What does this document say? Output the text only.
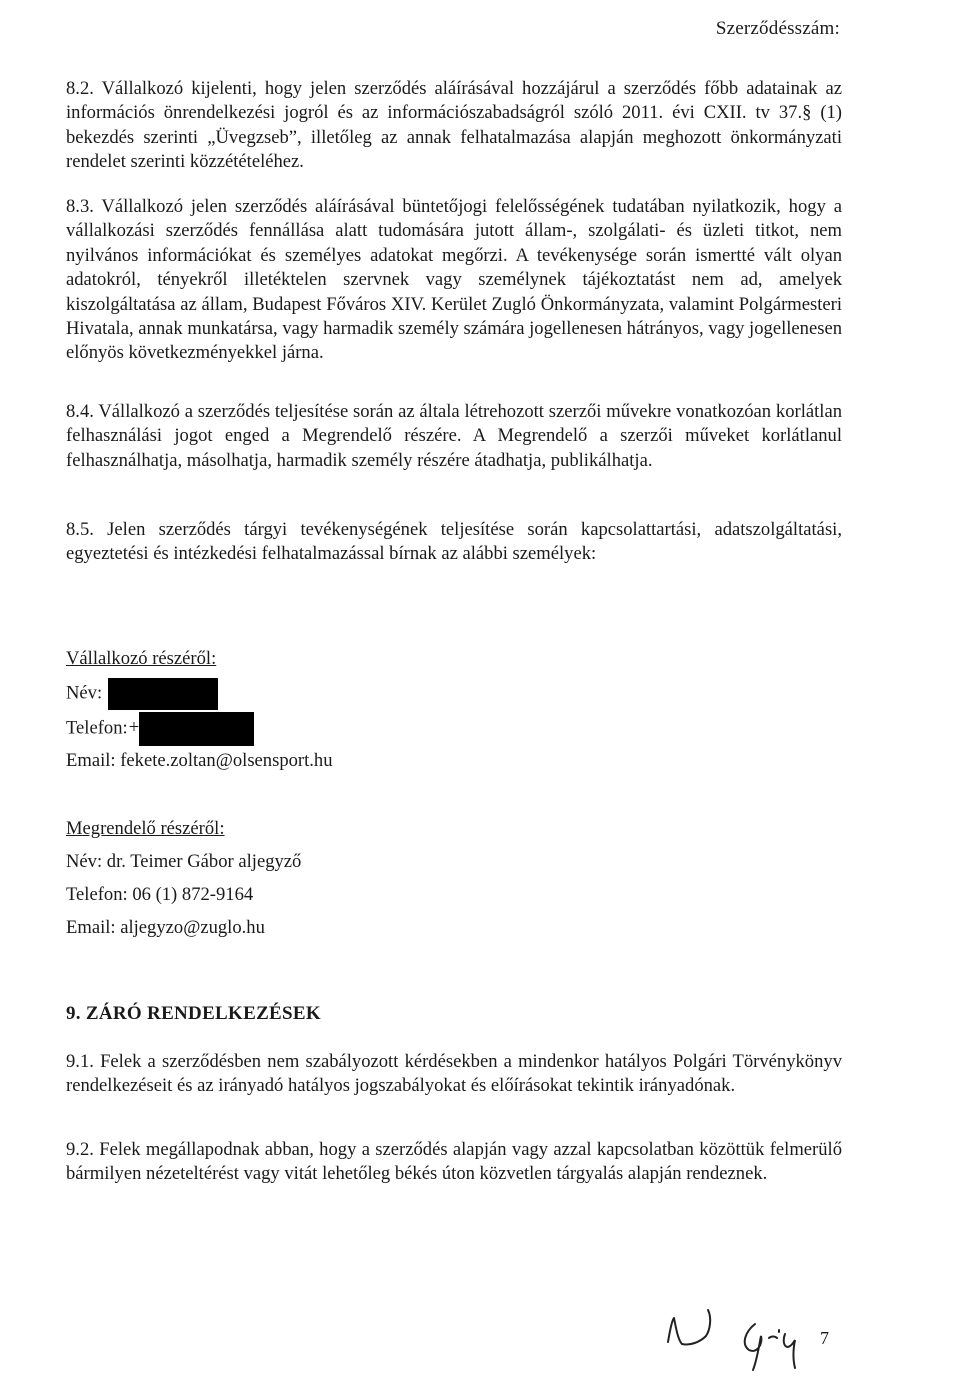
Szerződésszám:

8.2. Vállalkozó kijelenti, hogy jelen szerződés aláírásával hozzájárul a szerződés főbb adatainak az információs önrendelkezési jogról és az információszabadságról szóló 2011. évi CXII. tv 37.§ (1) bekezdés szerinti „Üvegzseb”, illetőleg az annak felhatalmazása alapján meghozott önkormányzati rendelet szerinti közzétételéhez.

8.3. Vállalkozó jelen szerződés aláírásával büntetőjogi felelősségének tudatában nyilatkozik, hogy a vállalkozási szerződés fennállása alatt tudomására jutott állam-, szolgálati- és üzleti titkot, nem nyilvános információkat és személyes adatokat megőrzi. A tevékenysége során ismertté vált olyan adatokról, tényekről illetéktelen szervnek vagy személynek tájékoztatást nem ad, amelyek kiszolgáltatása az állam, Budapest Főváros XIV. Kerület Zugló Önkormányzata, valamint Polgármesteri Hivatala, annak munkatársa, vagy harmadik személy számára jogellenesen hátrányos, vagy jogellenesen előnyös következményekkel járna.

8.4. Vállalkozó a szerződés teljesítése során az általa létrehozott szerzői művekre vonatkozóan korlátlan felhasználási jogot enged a Megrendelő részére. A Megrendelő a szerzői műveket korlátlanul felhasználhatja, másolhatja, harmadik személy részére átadhatja, publikálhatja.

8.5. Jelen szerződés tárgyi tevékenységének teljesítése során kapcsolattartási, adatszolgáltatási, egyeztetési és intézkedési felhatalmazással bírnak az alábbi személyek:

Vállalkozó részéről:
Név:
Telefon:+
Email: fekete.zoltan@olsensport.hu
Megrendelő részéről:
Név: dr. Teimer Gábor aljegyző
Telefon: 06 (1) 872-9164
Email: aljegyzo@zuglo.hu
9. ZÁRÓ RENDELKEZÉSEK

9.1. Felek a szerződésben nem szabályozott kérdésekben a mindenkor hatályos Polgári Törvénykönyv rendelkezéseit és az irányadó hatályos jogszabályokat és előírásokat tekintik irányadónak.

9.2. Felek megállapodnak abban, hogy a szerződés alapján vagy azzal kapcsolatban közöttük felmerülő bármilyen nézeteltérést vagy vitát lehetőleg békés úton közvetlen tárgyalás alapján rendeznek.

7
